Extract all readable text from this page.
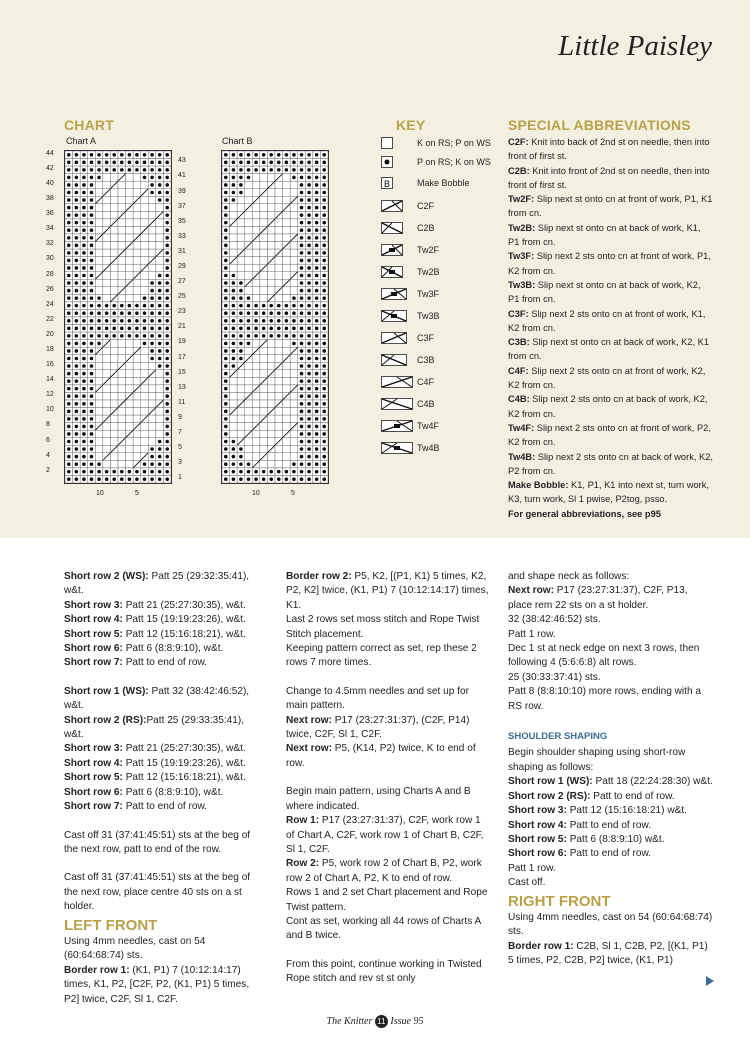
Little Paisley
CHART
Chart A	Chart B
44
42
40
38
36
34
32
30
28
26
24
22
20
18
16
14
12
10
8
6
4
2
43
41
39
37
35
33
31
29
27
25
23
21
19
17
15
13
11
9
7
5
3
1
10	5	10	5
KEY
K on RS; P on WS
P on RS; K on WS
B	Make Bobble
C2F
C2B
Tw2F
Tw2B
Tw3F
Tw3B
C3F
C3B
C4F
C4B
Tw4F
Tw4B
SPECIAL ABBREVIATIONS

C2F: Knit into back of 2nd st on needle, then into front of first st.

C2B: Knit into front of 2nd st on needle, then into front of first st.

Tw2F: Slip next st onto cn at front of work, P1, K1 from cn.

Tw2B: Slip next st onto cn at back of work, K1, P1 from cn.

Tw3F: Slip next 2 sts onto cn at front of work, P1, K2 from cn.

Tw3B: Slip next st onto cn at back of work, K2, P1 from cn.

C3F: Slip next 2 sts onto cn at front of work, K1, K2 from cn.

C3B: Slip next st onto cn at back of work, K2, K1 from cn.

C4F: Slip next 2 sts onto cn at front of work, K2, K2 from cn.

C4B: Slip next 2 sts onto cn at back of work, K2, K2 from cn.

Tw4F: Slip next 2 sts onto cn at front of work, P2, K2 from cn.

Tw4B: Slip next 2 sts onto cn at back of work, K2, P2 from cn.

Make Bobble: K1, P1, K1 into next st, turn work, K3, turn work, Sl 1 pwise, P2tog, psso.

For general abbreviations, see p95

Short row 2 (WS): Patt 25 (29:32:35:41), w&t.

Short row 3: Patt 21 (25:27:30:35), w&t.

Short row 4: Patt 15 (19:19:23:26), w&t.

Short row 5: Patt 12 (15:16:18:21), w&t.

Short row 6: Patt 6 (8:8:9:10), w&t.

Short row 7: Patt to end of row.

Short row 1 (WS): Patt 32 (38:42:46:52), w&t.

Short row 2 (RS):Patt 25 (29:33:35:41), w&t.

Short row 3: Patt 21 (25:27:30:35), w&t.

Short row 4: Patt 15 (19:19:23:26), w&t.

Short row 5: Patt 12 (15:16:18:21), w&t.

Short row 6: Patt 6 (8:8:9:10), w&t.

Short row 7: Patt to end of row.

Cast off 31 (37:41:45:51) sts at the beg of the next row, patt to end of the row.

Cast off 31 (37:41:45:51) sts at the beg of the next row, place centre 40 sts on a st holder.

LEFT FRONT

Using 4mm needles, cast on 54 (60:64:68:74) sts.

Border row 1: (K1, P1) 7 (10:12:14:17) times, K1, P2, [C2F, P2, (K1, P1) 5 times, P2] twice, C2F, Sl 1, C2F.

Border row 2: P5, K2, [(P1, K1) 5 times, K2, P2, K2] twice, (K1, P1) 7 (10:12:14:17) times, K1.

Last 2 rows set moss stitch and Rope Twist Stitch placement.

Keeping pattern correct as set, rep these 2 rows 7 more times.

Change to 4.5mm needles and set up for main pattern.

Next row: P17 (23:27:31:37), (C2F, P14) twice, C2F, Sl 1, C2F.

Next row: P5, (K14, P2) twice, K to end of row.

Begin main pattern, using Charts A and B where indicated.

Row 1: P17 (23:27:31:37), C2F, work row 1 of Chart A, C2F, work row 1 of Chart B, C2F, Sl 1, C2F.

Row 2: P5, work row 2 of Chart B, P2, work row 2 of Chart A, P2, K to end of row.

Rows 1 and 2 set Chart placement and Rope Twist pattern.

Cont as set, working all 44 rows of Charts A and B twice.

From this point, continue working in Twisted Rope stitch and rev st st only

and shape neck as follows:

Next row: P17 (23:27:31:37), C2F, P13, place rem 22 sts on a st holder.

32 (38:42:46:52) sts.

Patt 1 row.

Dec 1 st at neck edge on next 3 rows, then following 4 (5:6:6:8) alt rows.

25 (30:33:37:41) sts.

Patt 8 (8:8:10:10) more rows, ending with a RS row.

SHOULDER SHAPING

Begin shoulder shaping using short-row shaping as follows:

Short row 1 (WS): Patt 18 (22:24:28:30) w&t.

Short row 2 (RS): Patt to end of row.

Short row 3: Patt 12 (15:16:18:21) w&t.

Short row 4: Patt to end of row.

Short row 5: Patt 6 (8:8:9:10) w&t.

Short row 6: Patt to end of row.

Patt 1 row.

Cast off.

RIGHT FRONT

Using 4mm needles, cast on 54 (60:64:68:74) sts.

Border row 1: C2B, Sl 1, C2B, P2, [(K1, P1) 5 times, P2, C2B, P2] twice, (K1, P1)

The Knitter 11 Issue 95
